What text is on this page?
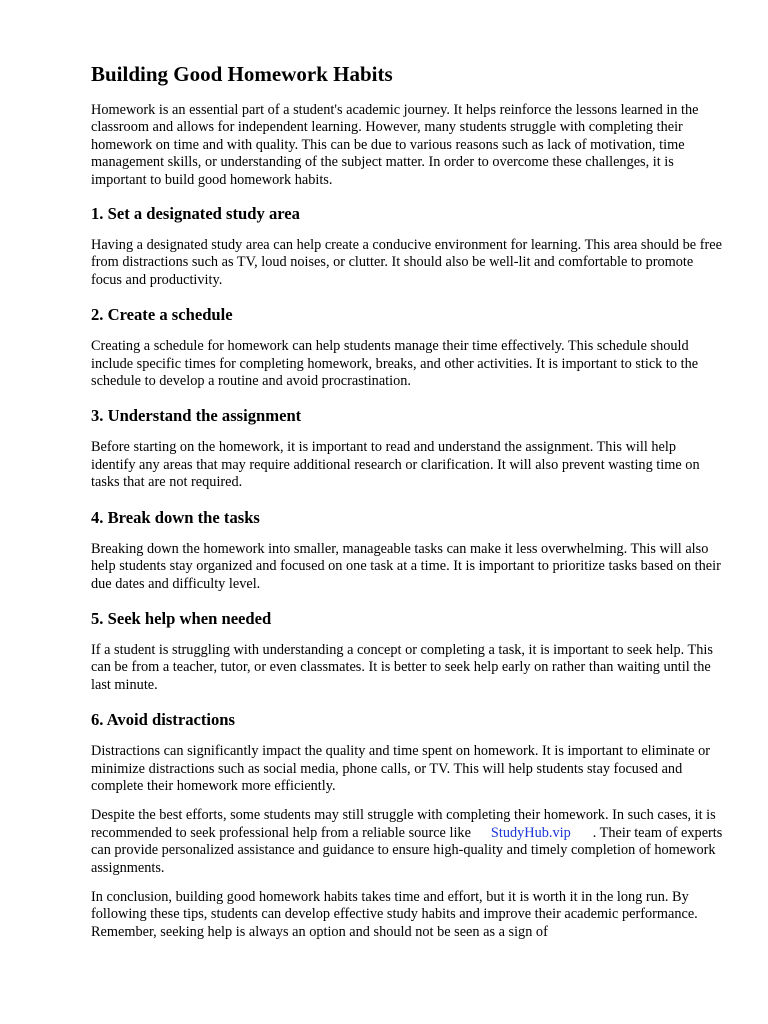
Building Good Homework Habits

Homework is an essential part of a student's academic journey. It helps reinforce the lessons learned in the classroom and allows for independent learning. However, many students struggle with completing their homework on time and with quality. This can be due to various reasons such as lack of motivation, time management skills, or understanding of the subject matter. In order to overcome these challenges, it is important to build good homework habits.

1. Set a designated study area

Having a designated study area can help create a conducive environment for learning. This area should be free from distractions such as TV, loud noises, or clutter. It should also be well-lit and comfortable to promote focus and productivity.

2. Create a schedule

Creating a schedule for homework can help students manage their time effectively. This schedule should include specific times for completing homework, breaks, and other activities. It is important to stick to the schedule to develop a routine and avoid procrastination.

3. Understand the assignment

Before starting on the homework, it is important to read and understand the assignment. This will help identify any areas that may require additional research or clarification. It will also prevent wasting time on tasks that are not required.

4. Break down the tasks

Breaking down the homework into smaller, manageable tasks can make it less overwhelming. This will also help students stay organized and focused on one task at a time. It is important to prioritize tasks based on their due dates and difficulty level.

5. Seek help when needed

If a student is struggling with understanding a concept or completing a task, it is important to seek help. This can be from a teacher, tutor, or even classmates. It is better to seek help early on rather than waiting until the last minute.

6. Avoid distractions

Distractions can significantly impact the quality and time spent on homework. It is important to eliminate or minimize distractions such as social media, phone calls, or TV. This will help students stay focused and complete their homework more efficiently.

Despite the best efforts, some students may still struggle with completing their homework. In such cases, it is recommended to seek professional help from a reliable source like StudyHub.vip . Their team of experts can provide personalized assistance and guidance to ensure high-quality and timely completion of homework assignments.

In conclusion, building good homework habits takes time and effort, but it is worth it in the long run. By following these tips, students can develop effective study habits and improve their academic performance. Remember, seeking help is always an option and should not be seen as a sign of
